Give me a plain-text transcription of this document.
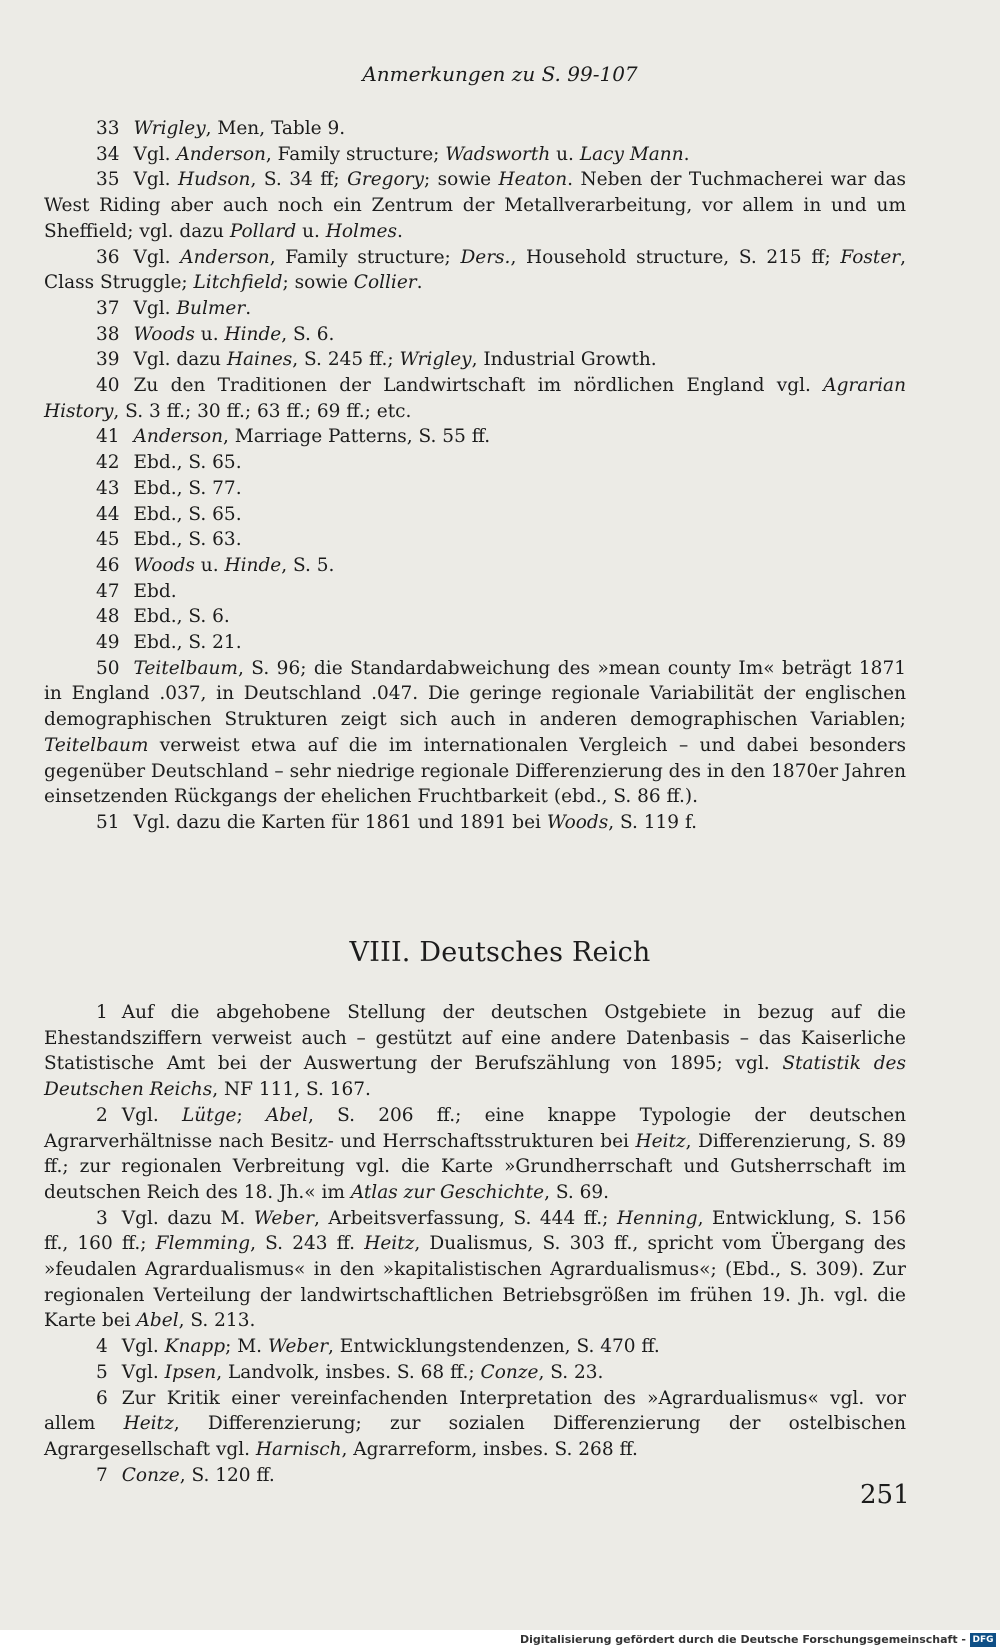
Anmerkungen zu S. 99-107

33 Wrigley, Men, Table 9.

34 Vgl. Anderson, Family structure; Wadsworth u. Lacy Mann.

35 Vgl. Hudson, S. 34 ff; Gregory; sowie Heaton. Neben der Tuchmacherei war das West Riding aber auch noch ein Zentrum der Metallverarbeitung, vor allem in und um Sheffield; vgl. dazu Pollard u. Holmes.

36 Vgl. Anderson, Family structure; Ders., Household structure, S. 215 ff; Foster, Class Struggle; Litchfield; sowie Collier.

37 Vgl. Bulmer.

38 Woods u. Hinde, S. 6.

39 Vgl. dazu Haines, S. 245 ff.; Wrigley, Industrial Growth.

40 Zu den Traditionen der Landwirtschaft im nördlichen England vgl. Agrarian History, S. 3 ff.; 30 ff.; 63 ff.; 69 ff.; etc.

41 Anderson, Marriage Patterns, S. 55 ff.

42 Ebd., S. 65.

43 Ebd., S. 77.

44 Ebd., S. 65.

45 Ebd., S. 63.

46 Woods u. Hinde, S. 5.

47 Ebd.

48 Ebd., S. 6.

49 Ebd., S. 21.

50 Teitelbaum, S. 96; die Standardabweichung des »mean county Im« beträgt 1871 in England .037, in Deutschland .047. Die geringe regionale Variabilität der englischen demographischen Strukturen zeigt sich auch in anderen demographischen Variablen; Teitelbaum verweist etwa auf die im internationalen Vergleich – und dabei besonders gegenüber Deutschland – sehr niedrige regionale Differenzierung des in den 1870er Jahren einsetzenden Rückgangs der ehelichen Fruchtbarkeit (ebd., S. 86 ff.).

51 Vgl. dazu die Karten für 1861 und 1891 bei Woods, S. 119 f.

VIII. Deutsches Reich

1 Auf die abgehobene Stellung der deutschen Ostgebiete in bezug auf die Ehestandsziffern verweist auch – gestützt auf eine andere Datenbasis – das Kaiserliche Statistische Amt bei der Auswertung der Berufszählung von 1895; vgl. Statistik des Deutschen Reichs, NF 111, S. 167.

2 Vgl. Lütge; Abel, S. 206 ff.; eine knappe Typologie der deutschen Agrarverhältnisse nach Besitz- und Herrschaftsstrukturen bei Heitz, Differenzierung, S. 89 ff.; zur regionalen Verbreitung vgl. die Karte »Grundherrschaft und Gutsherrschaft im deutschen Reich des 18. Jh.« im Atlas zur Geschichte, S. 69.

3 Vgl. dazu M. Weber, Arbeitsverfassung, S. 444 ff.; Henning, Entwicklung, S. 156 ff., 160 ff.; Flemming, S. 243 ff. Heitz, Dualismus, S. 303 ff., spricht vom Übergang des »feudalen Agrardualismus« in den »kapitalistischen Agrardualismus«; (Ebd., S. 309). Zur regionalen Verteilung der landwirtschaftlichen Betriebsgrößen im frühen 19. Jh. vgl. die Karte bei Abel, S. 213.

4 Vgl. Knapp; M. Weber, Entwicklungstendenzen, S. 470 ff.

5 Vgl. Ipsen, Landvolk, insbes. S. 68 ff.; Conze, S. 23.

6 Zur Kritik einer vereinfachenden Interpretation des »Agrardualismus« vgl. vor allem Heitz, Differenzierung; zur sozialen Differenzierung der ostelbischen Agrargesellschaft vgl. Harnisch, Agrarreform, insbes. S. 268 ff.

7 Conze, S. 120 ff.

251
Digitalisierung gefördert durch die Deutsche Forschungsgemeinschaft - DFG
